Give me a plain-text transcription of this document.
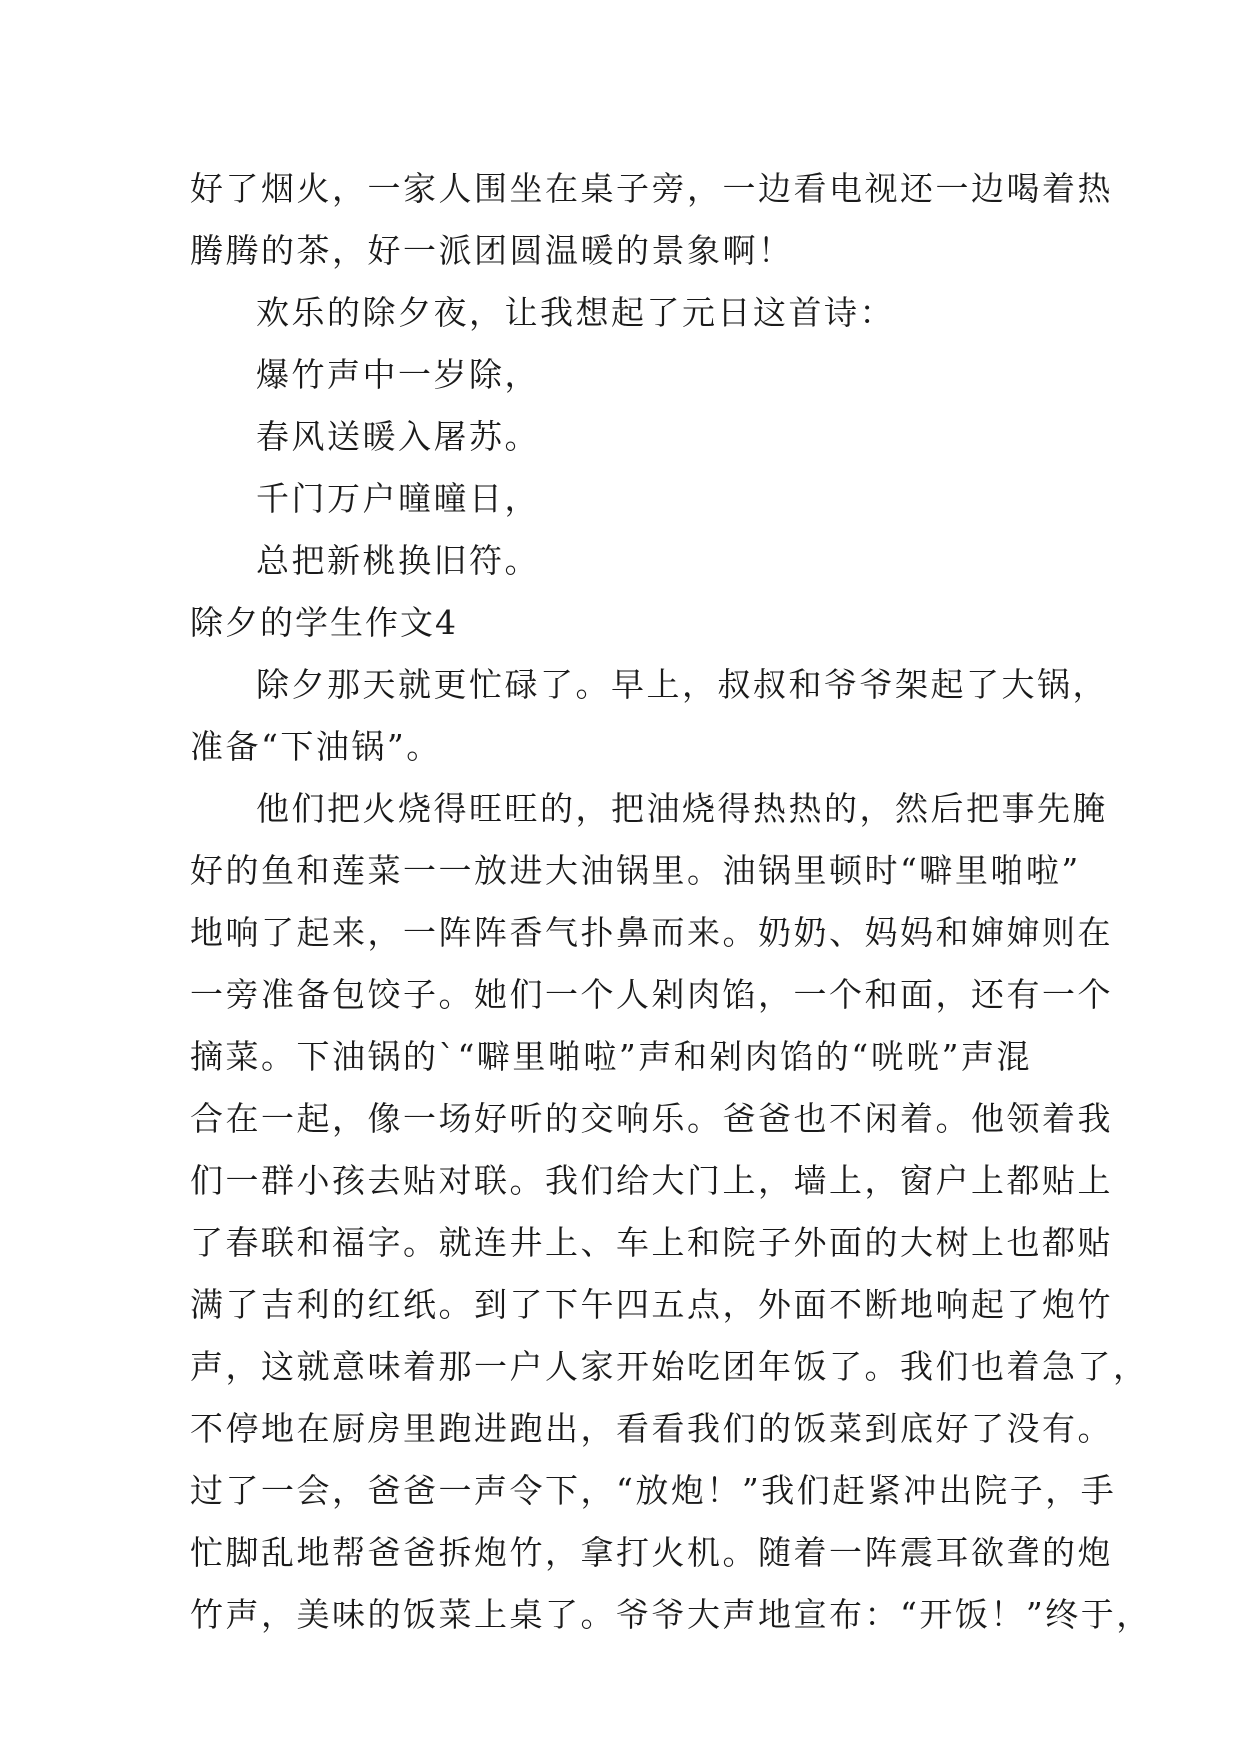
好了烟火，一家人围坐在桌子旁，一边看电视还一边喝着热
腾腾的茶，好一派团圆温暖的景象啊！
欢乐的除夕夜，让我想起了元日这首诗：
爆竹声中一岁除，
春风送暖入屠苏。
千门万户曈曈日，
总把新桃换旧符。
除夕的学生作文4
除夕那天就更忙碌了。早上，叔叔和爷爷架起了大锅，
准备“下油锅”。
他们把火烧得旺旺的，把油烧得热热的，然后把事先腌
好的鱼和莲菜一一放进大油锅里。油锅里顿时“噼里啪啦”
地响了起来，一阵阵香气扑鼻而来。奶奶、妈妈和婶婶则在
一旁准备包饺子。她们一个人剁肉馅，一个和面，还有一个
摘菜。下油锅的`“噼里啪啦”声和剁肉馅的“咣咣”声混
合在一起，像一场好听的交响乐。爸爸也不闲着。他领着我
们一群小孩去贴对联。我们给大门上，墙上，窗户上都贴上
了春联和福字。就连井上、车上和院子外面的大树上也都贴
满了吉利的红纸。到了下午四五点，外面不断地响起了炮竹
声，这就意味着那一户人家开始吃团年饭了。我们也着急了，
不停地在厨房里跑进跑出，看看我们的饭菜到底好了没有。
过了一会，爸爸一声令下，“放炮！”我们赶紧冲出院子，手
忙脚乱地帮爸爸拆炮竹，拿打火机。随着一阵震耳欲聋的炮
竹声，美味的饭菜上桌了。爷爷大声地宣布：“开饭！”终于，
